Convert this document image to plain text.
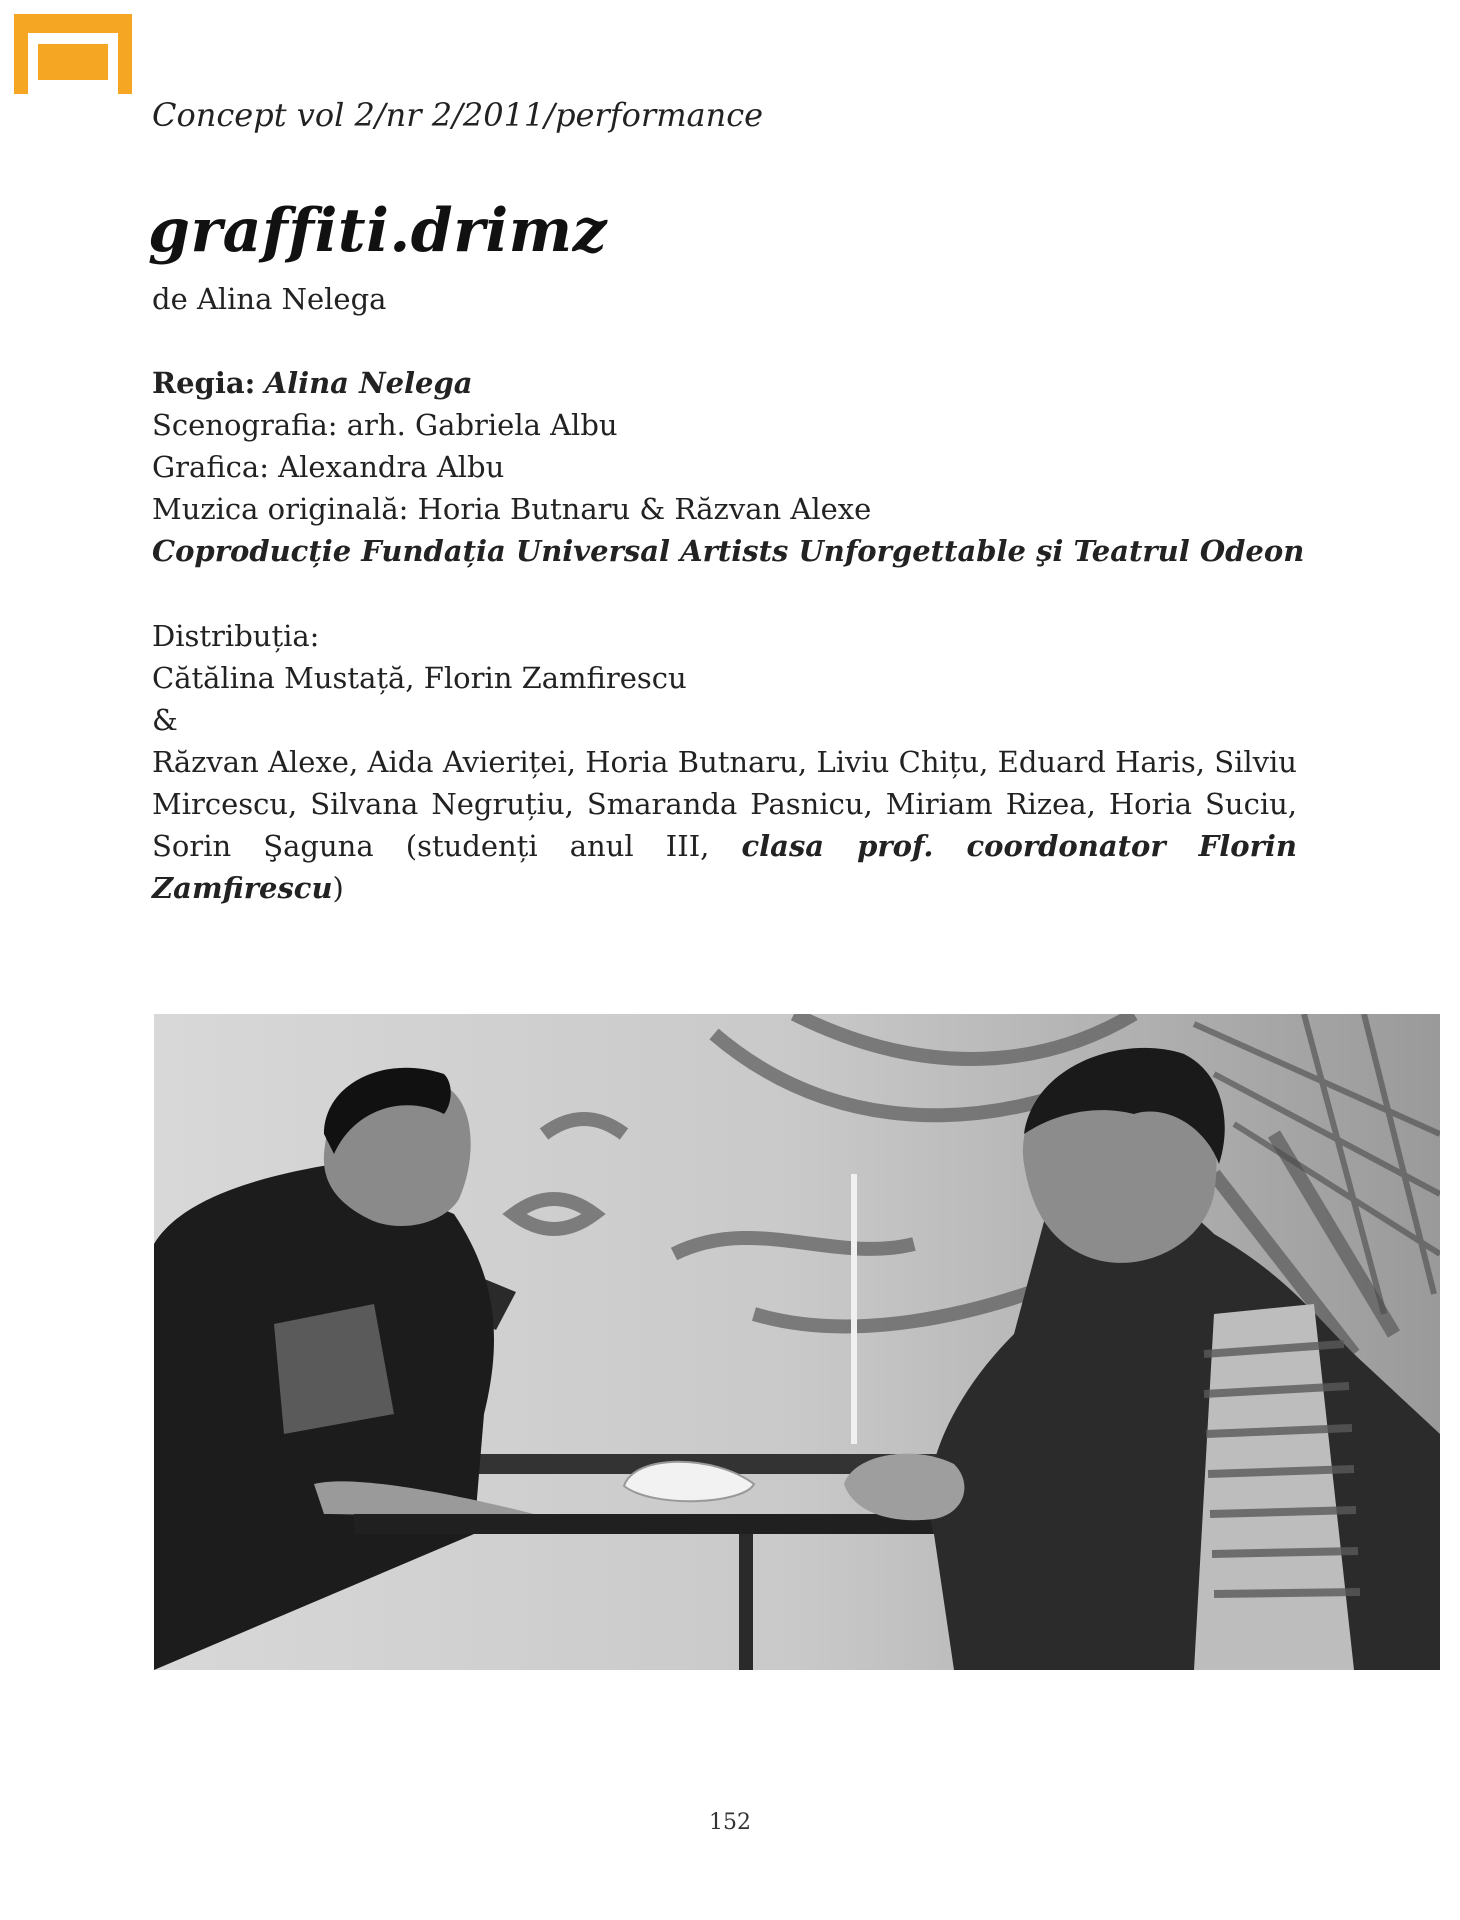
Concept vol 2/nr 2/2011/performance
graffiti.drimz
de Alina Nelega
Regia: Alina Nelega
Scenografia: arh. Gabriela Albu
Grafica: Alexandra Albu
Muzica originală: Horia Butnaru & Răzvan Alexe
Coproducție Fundația Universal Artists Unforgettable şi Teatrul Odeon
Distribuția:
Cătălina Mustață, Florin Zamfirescu
&
Răzvan Alexe, Aida Avieriței, Horia Butnaru, Liviu Chițu, Eduard Haris, Silviu Mircescu, Silvana Negruțiu, Smaranda Pasnicu, Miriam Rizea, Horia Suciu, Sorin Şaguna (studenți anul III, clasa prof. coordonator Florin Zamfirescu)
152
